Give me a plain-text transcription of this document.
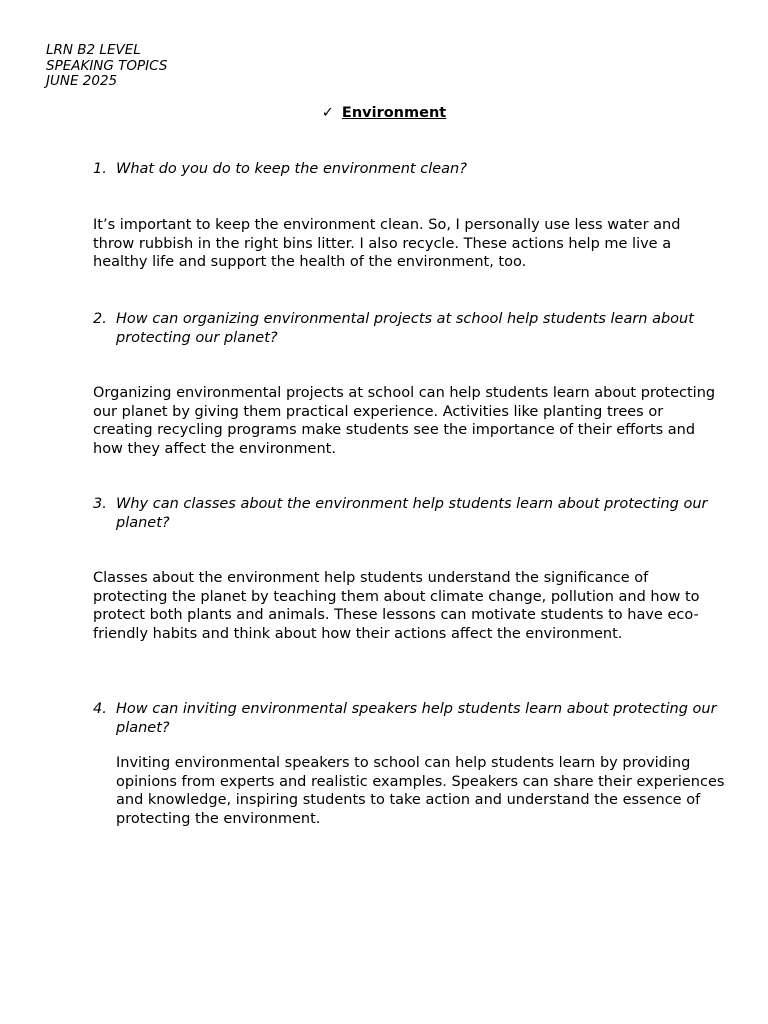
LRN B2 LEVEL
SPEAKING TOPICS
JUNE 2025
✓ Environment
1. What do you do to keep the environment clean?
It’s important to keep the environment clean. So, I personally use less water and throw rubbish in the right bins litter. I also recycle. These actions help me live a healthy life and support the health of the environment, too.
2. How can organizing environmental projects at school help students learn about protecting our planet?
Organizing environmental projects at school can help students learn about protecting our planet by giving them practical experience. Activities like planting trees or creating recycling programs make students see the importance of their efforts and how they affect the environment.
3. Why can classes about the environment help students learn about protecting our planet?
Classes about the environment help students understand the significance of protecting the planet by teaching them about climate change, pollution and how to protect both plants and animals. These lessons can motivate students to have eco-friendly habits and think about how their actions affect the environment.
4. How can inviting environmental speakers help students learn about protecting our planet?
Inviting environmental speakers to school can help students learn by providing opinions from experts and realistic examples. Speakers can share their experiences and knowledge, inspiring students to take action and understand the essence of protecting the environment.
